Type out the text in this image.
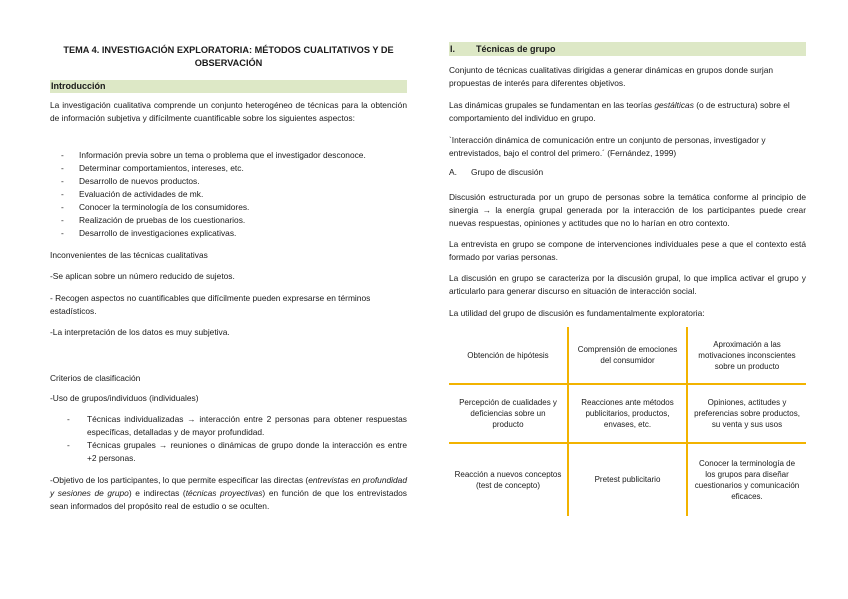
TEMA 4. INVESTIGACIÓN EXPLORATORIA: MÉTODOS CUALITATIVOS Y DE OBSERVACIÓN
Introducción
La investigación cualitativa comprende un conjunto heterogéneo de técnicas para la obtención de información subjetiva y difícilmente cuantificable sobre los siguientes aspectos:
- Información previa sobre un tema o problema que el investigador desconoce.
- Determinar comportamientos, intereses, etc.
- Desarrollo de nuevos productos.
- Evaluación de actividades de mk.
- Conocer la terminología de los consumidores.
- Realización de pruebas de los cuestionarios.
- Desarrollo de investigaciones explicativas.
Inconvenientes de las técnicas cualitativas
-Se aplican sobre un número reducido de sujetos.
- Recogen aspectos no cuantificables que difícilmente pueden expresarse en términos estadísticos.
-La interpretación de los datos es muy subjetiva.
Criterios de clasificación
-Uso de grupos/individuos (individuales)
- Técnicas individualizadas → interacción entre 2 personas para obtener respuestas específicas, detalladas y de mayor profundidad.
- Técnicas grupales → reuniones o dinámicas de grupo donde la interacción es entre +2 personas.
-Objetivo de los participantes, lo que permite especificar las directas (entrevistas en profundidad y sesiones de grupo) e indirectas (técnicas proyectivas) en función de que los entrevistados sean informados del propósito real de estudio o se oculten.
I. Técnicas de grupo
Conjunto de técnicas cualitativas dirigidas a generar dinámicas en grupos donde surjan propuestas de interés para diferentes objetivos.
Las dinámicas grupales se fundamentan en las teorías gestálticas (o de estructura) sobre el comportamiento del individuo en grupo.
`Interacción dinámica de comunicación entre un conjunto de personas, investigador y entrevistados, bajo el control del primero.´ (Fernández, 1999)
A. Grupo de discusión
Discusión estructurada por un grupo de personas sobre la temática conforme al principio de sinergia → la energía grupal generada por la interacción de los participantes puede crear nuevas respuestas, opiniones y actitudes que no lo harían en otro contexto.
La entrevista en grupo se compone de intervenciones individuales pese a que el contexto está formado por varias personas.
La discusión en grupo se caracteriza por la discusión grupal, lo que implica activar el grupo y articularlo para generar discurso en situación de interacción social.
La utilidad del grupo de discusión es fundamentalmente exploratoria:
Obtención de hipótesis	Comprensión de emociones del consumidor	Aproximación a las motivaciones inconscientes sobre un producto
Percepción de cualidades y deficiencias sobre un producto	Reacciones ante métodos publicitarios, productos, envases, etc.	Opiniones, actitudes y preferencias sobre productos, su venta y sus usos
Reacción a nuevos conceptos (test de concepto)	Pretest publicitario	Conocer la terminología de los grupos para diseñar cuestionarios y comunicación eficaces.
